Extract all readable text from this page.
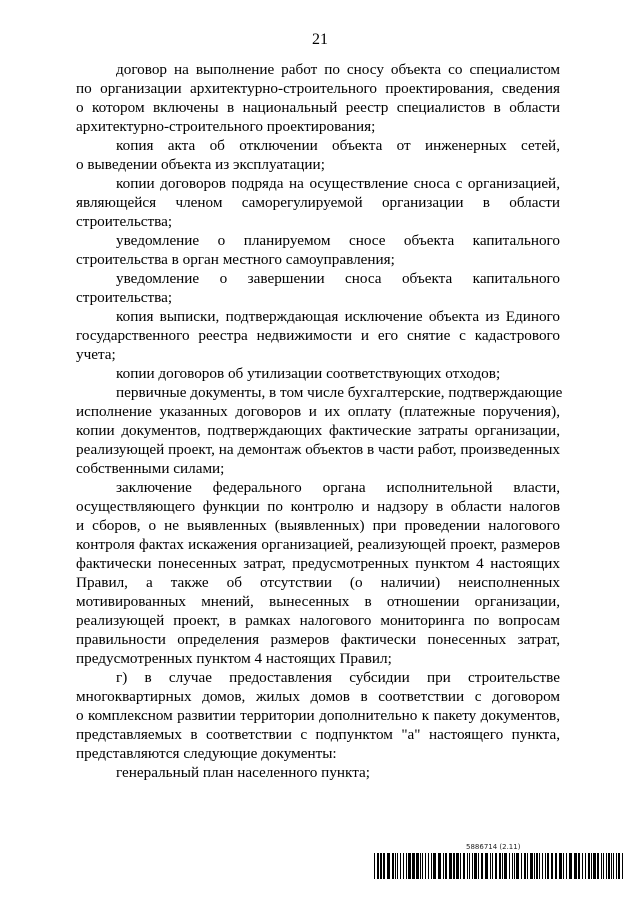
21

договор на выполнение работ по сносу объекта со специалистом
по организации архитектурно-строительного проектирования, сведения
о котором включены в национальный реестр специалистов в области
архитектурно-строительного проектирования;

копия акта об отключении объекта от инженерных сетей,
о выведении объекта из эксплуатации;

копии договоров подряда на осуществление сноса с организацией,
являющейся членом саморегулируемой организации в области
строительства;

уведомление о планируемом сносе объекта капитального
строительства в орган местного самоуправления;

уведомление о завершении сноса объекта капитального
строительства;

копия выписки, подтверждающая исключение объекта из Единого
государственного реестра недвижимости и его снятие с кадастрового
учета;

копии договоров об утилизации соответствующих отходов;

первичные документы, в том числе бухгалтерские, подтверждающие
исполнение указанных договоров и их оплату (платежные поручения),
копии документов, подтверждающих фактические затраты организации,
реализующей проект, на демонтаж объектов в части работ, произведенных
собственными силами;

заключение федерального органа исполнительной власти,
осуществляющего функции по контролю и надзору в области налогов
и сборов, о не выявленных (выявленных) при проведении налогового
контроля фактах искажения организацией, реализующей проект, размеров
фактически понесенных затрат, предусмотренных пунктом 4 настоящих
Правил, а также об отсутствии (о наличии) неисполненных
мотивированных мнений, вынесенных в отношении организации,
реализующей проект, в рамках налогового мониторинга по вопросам
правильности определения размеров фактически понесенных затрат,
предусмотренных пунктом 4 настоящих Правил;

г) в случае предоставления субсидии при строительстве
многоквартирных домов, жилых домов в соответствии с договором
о комплексном развитии территории дополнительно к пакету документов,
представляемых в соответствии с подпунктом "а" настоящего пункта,
представляются следующие документы:

генеральный план населенного пункта;

5886714 (2.11)
